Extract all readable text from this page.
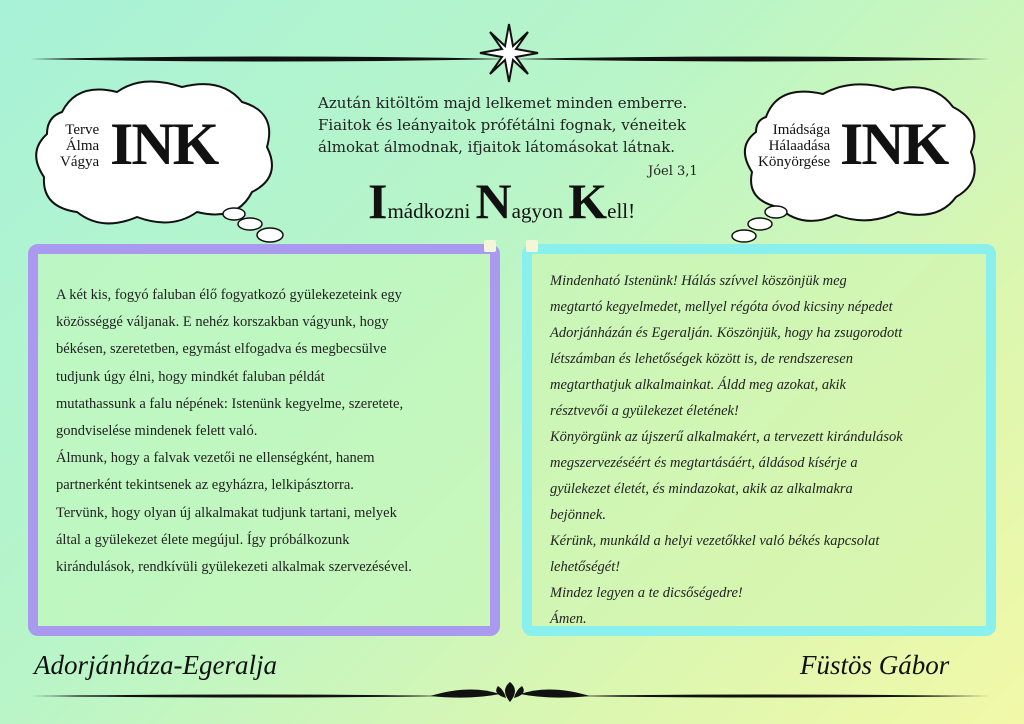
Terve
Álma
Vágya INK	Imádsága
Hálaadása
Könyörgése INK
Azután kitöltöm majd lelkemet minden emberre.
Fiaitok és leányaitok prófétálni fognak, véneitek
álmokat álmodnak, ifjaitok látomásokat látnak.
Jóel 3,1
Imádkozni Nagyon Kell!
A két kis, fogyó faluban élő fogyatkozó gyülekezeteink egy
közösséggé váljanak. E nehéz korszakban vágyunk, hogy
békésen, szeretetben, egymást elfogadva és megbecsülve
tudjunk úgy élni, hogy mindkét faluban példát
mutathassunk a falu népének: Istenünk kegyelme, szeretete,
gondviselése mindenek felett való.
Álmunk, hogy a falvak vezetői ne ellenségként, hanem
partnerként tekintsenek az egyházra, lelkipásztorra.
Tervünk, hogy olyan új alkalmakat tudjunk tartani, melyek
által a gyülekezet élete megújul. Így próbálkozunk
kirándulások, rendkívüli gyülekezeti alkalmak szervezésével.
Mindenható Istenünk! Hálás szívvel köszönjük meg
megtartó kegyelmedet, mellyel régóta óvod kicsiny népedet
Adorjánházán és Egeralján. Köszönjük, hogy ha zsugorodott
létszámban és lehetőségek között is, de rendszeresen
megtarthatjuk alkalmainkat. Áldd meg azokat, akik
résztvevői a gyülekezet életének!
Könyörgünk az újszerű alkalmakért, a tervezett kirándulások
megszervezéséért és megtartásáért, áldásod kísérje a
gyülekezet életét, és mindazokat, akik az alkalmakra
bejönnek.
Kérünk, munkáld a helyi vezetőkkel való békés kapcsolat
lehetőségét!
Mindez legyen a te dicsőségedre!
Ámen.
Adorjánháza-Egeralja	Füstös Gábor
